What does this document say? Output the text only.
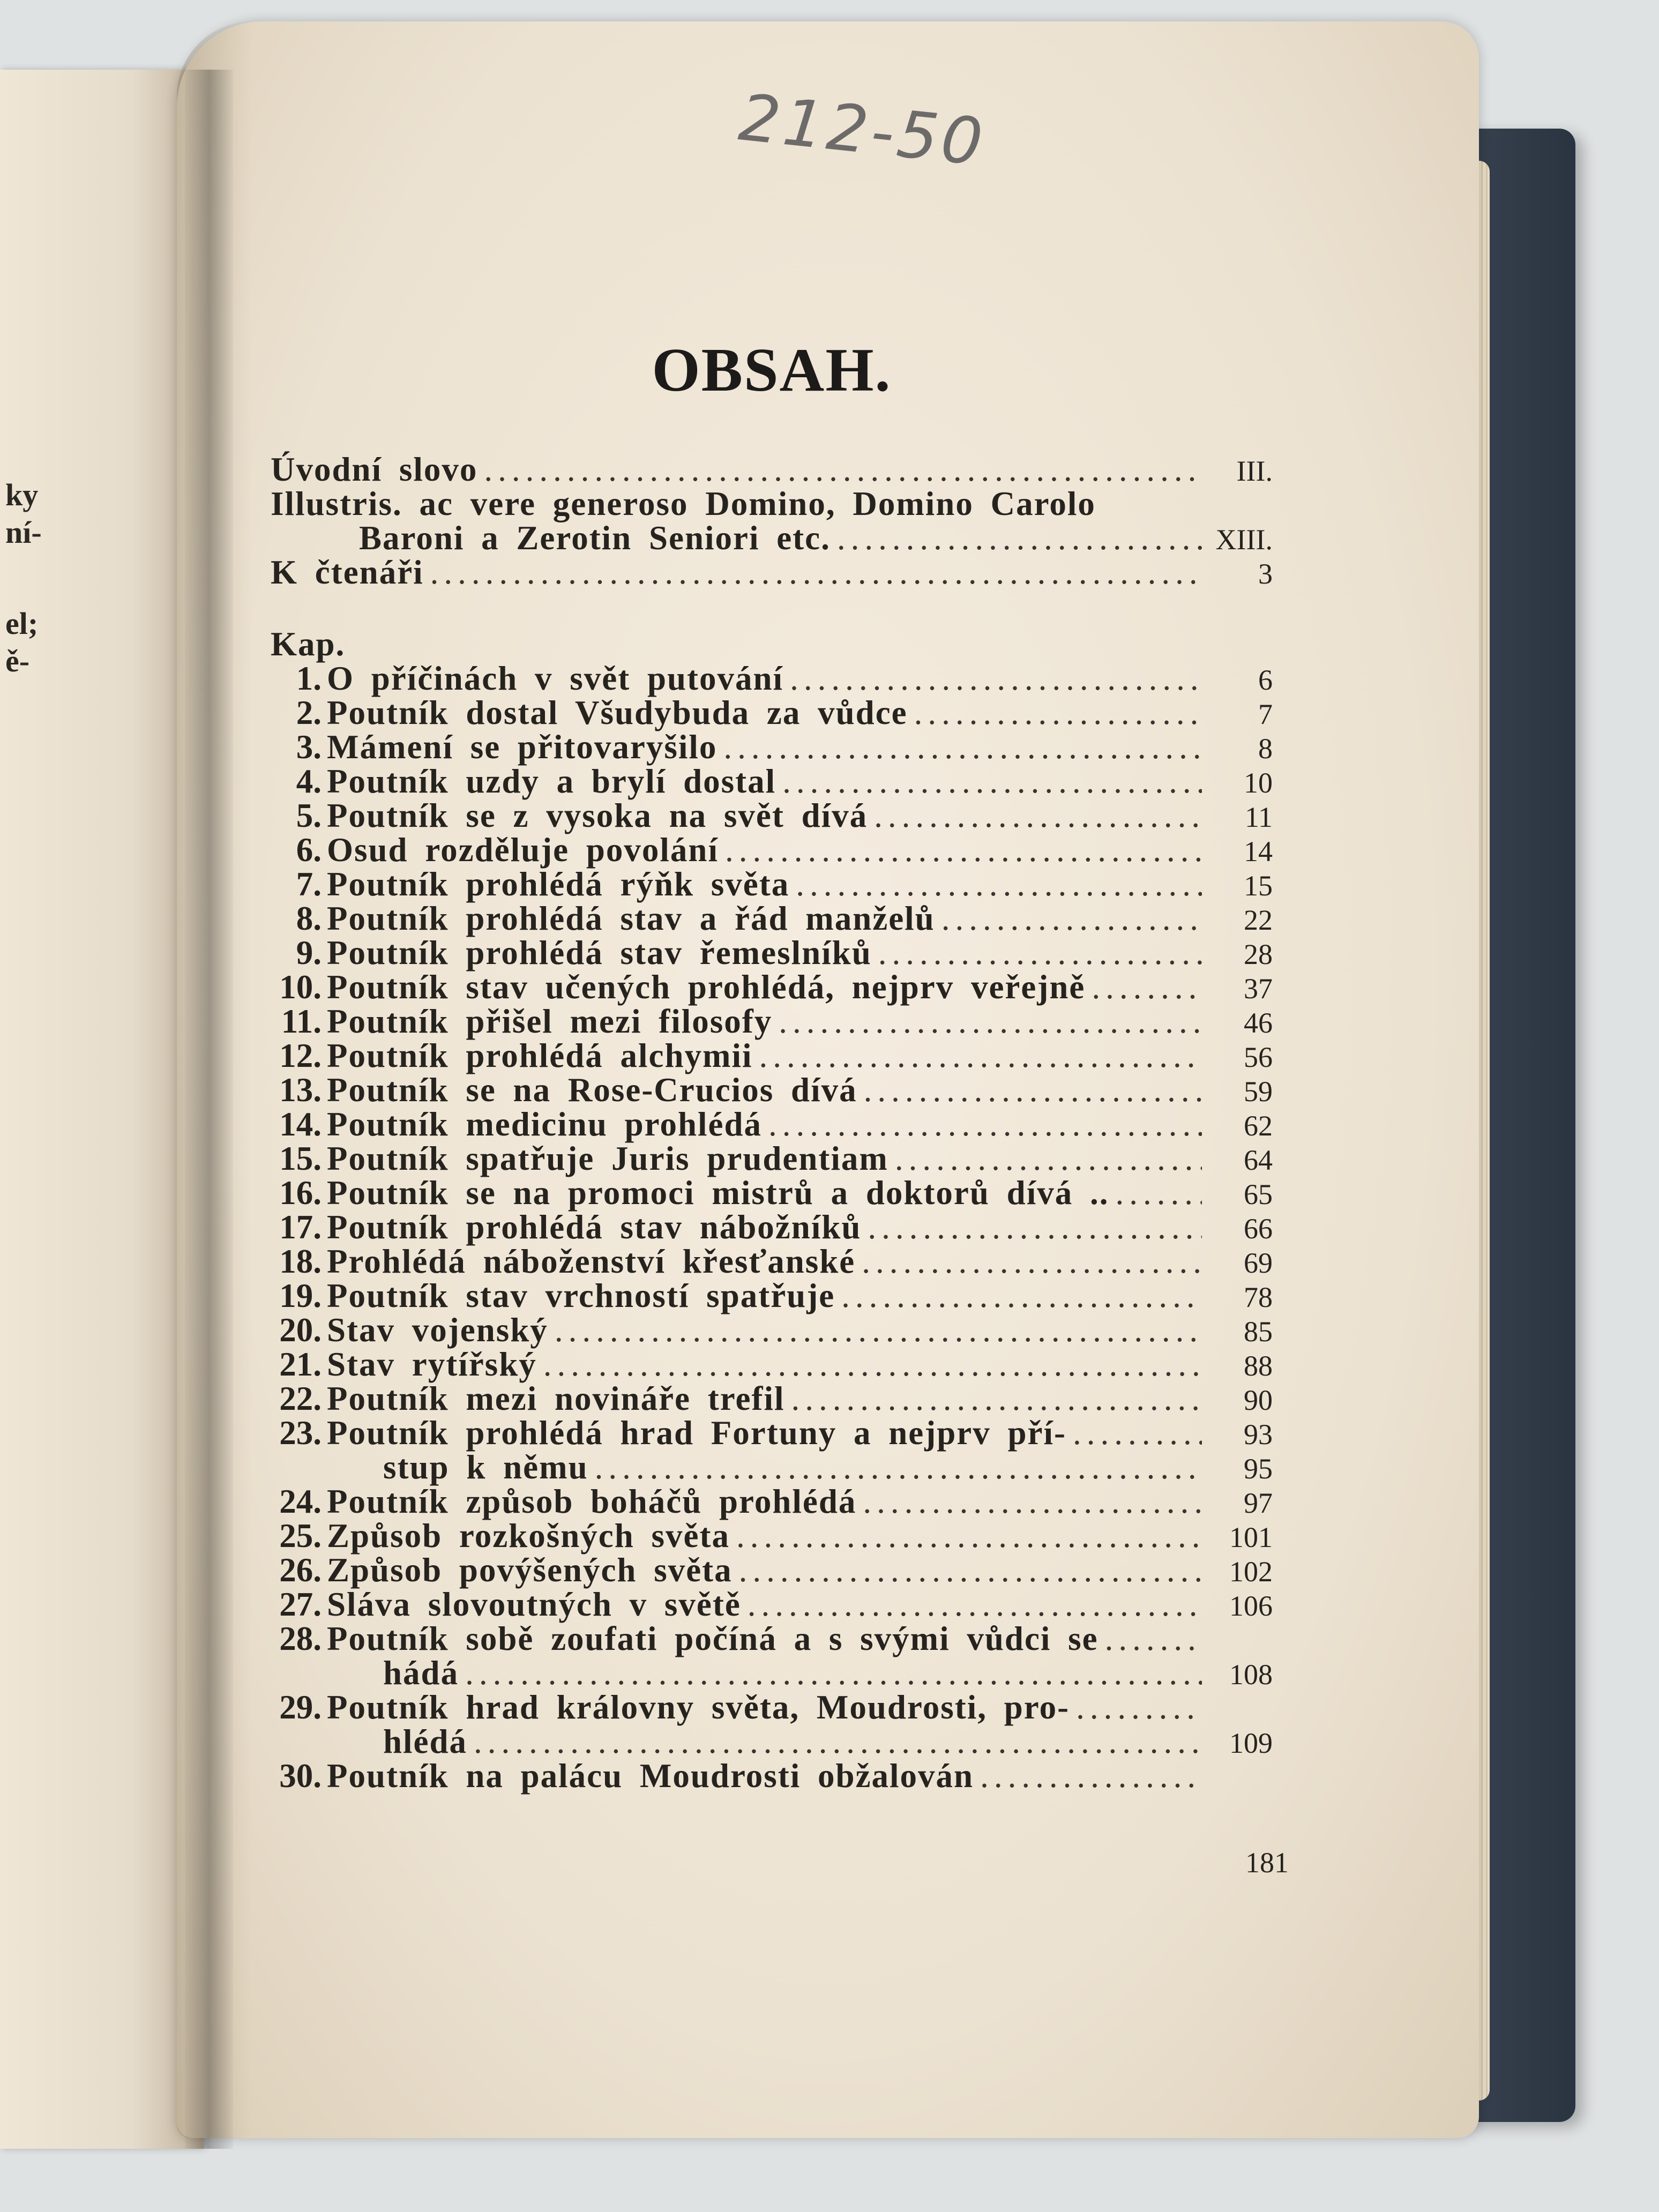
ky
ní-
el;
ě-
212-50
OBSAH.
Úvodní slovo .....	III.
Illustris. ac vere generoso Domino, Domino Carolo
Baroni a Zerotin Seniori etc. .....	XIII.
K čtenáři .....	3
Kap.
1. O příčinách v svět putování .....	6
2. Poutník dostal Všudybuda za vůdce .....	7
3. Mámení se přitovaryšilo .....	8
4. Poutník uzdy a brylí dostal .....	10
5. Poutník se z vysoka na svět dívá .....	11
6. Osud rozděluje povolání .....	14
7. Poutník prohlédá rýňk světa .....	15
8. Poutník prohlédá stav a řád manželů .....	22
9. Poutník prohlédá stav řemeslníků .....	28
10. Poutník stav učených prohlédá, nejprv veřejně .....	37
11. Poutník přišel mezi filosofy .....	46
12. Poutník prohlédá alchymii .....	56
13. Poutník se na Rose-Crucios dívá .....	59
14. Poutník medicinu prohlédá .....	62
15. Poutník spatřuje Juris prudentiam .....	64
16. Poutník se na promoci mistrů a doktorů dívá .. .....	65
17. Poutník prohlédá stav nábožníků .....	66
18. Prohlédá náboženství křesťanské .....	69
19. Poutník stav vrchností spatřuje .....	78
20. Stav vojenský .....	85
21. Stav rytířský .....	88
22. Poutník mezi novináře trefil .....	90
23. Poutník prohlédá hrad Fortuny a nejprv pří- .....	93
stup k němu .....	95
24. Poutník způsob boháčů prohlédá .....	97
25. Způsob rozkošných světa .....	101
26. Způsob povýšených světa .....	102
27. Sláva slovoutných v světě .....	106
28. Poutník sobě zoufati počíná a s svými vůdci se
.....
hádá .....	108
29. Poutník hrad královny světa, Moudrosti, pro-
.....
hlédá .....	109
30. Poutník na palácu Moudrosti obžalován
.....
181
